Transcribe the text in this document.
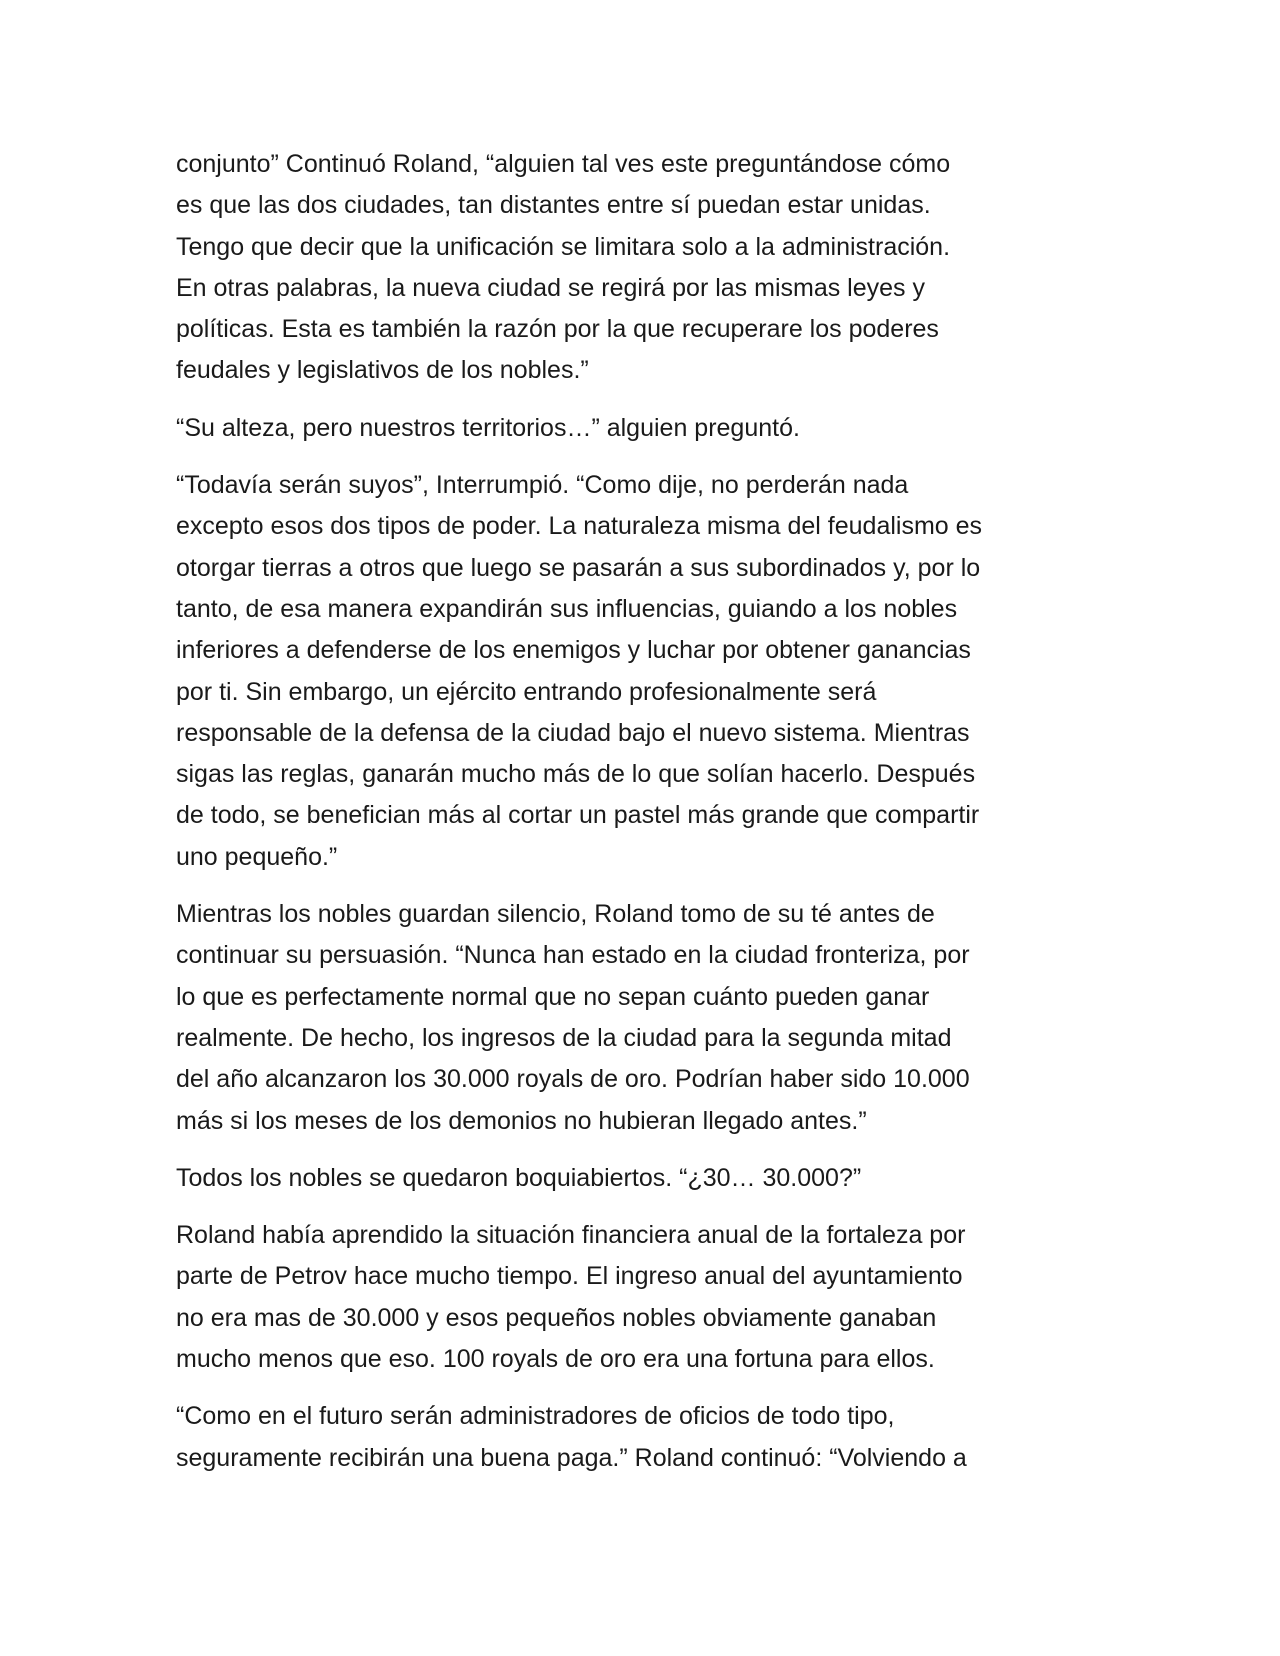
conjunto” Continuó Roland, “alguien tal ves este preguntándose cómo
es que las dos ciudades, tan distantes entre sí puedan estar unidas.
Tengo que decir que la unificación se limitara solo a la administración.
En otras palabras, la nueva ciudad se regirá por las mismas leyes y
políticas. Esta es también la razón por la que recuperare los poderes
feudales y legislativos de los nobles.”

“Su alteza, pero nuestros territorios…” alguien preguntó.

“Todavía serán suyos”, Interrumpió. “Como dije, no perderán nada
excepto esos dos tipos de poder. La naturaleza misma del feudalismo es
otorgar tierras a otros que luego se pasarán a sus subordinados y, por lo
tanto, de esa manera expandirán sus influencias, guiando a los nobles
inferiores a defenderse de los enemigos y luchar por obtener ganancias
por ti. Sin embargo, un ejército entrando profesionalmente será
responsable de la defensa de la ciudad bajo el nuevo sistema. Mientras
sigas las reglas, ganarán mucho más de lo que solían hacerlo. Después
de todo, se benefician más al cortar un pastel más grande que compartir
uno pequeño.”

Mientras los nobles guardan silencio, Roland tomo de su té antes de
continuar su persuasión. “Nunca han estado en la ciudad fronteriza, por
lo que es perfectamente normal que no sepan cuánto pueden ganar
realmente. De hecho, los ingresos de la ciudad para la segunda mitad
del año alcanzaron los 30.000 royals de oro. Podrían haber sido 10.000
más si los meses de los demonios no hubieran llegado antes.”

Todos los nobles se quedaron boquiabiertos. “¿30… 30.000?”

Roland había aprendido la situación financiera anual de la fortaleza por
parte de Petrov hace mucho tiempo. El ingreso anual del ayuntamiento
no era mas de 30.000 y esos pequeños nobles obviamente ganaban
mucho menos que eso. 100 royals de oro era una fortuna para ellos.

“Como en el futuro serán administradores de oficios de todo tipo,
seguramente recibirán una buena paga.” Roland continuó: “Volviendo a
